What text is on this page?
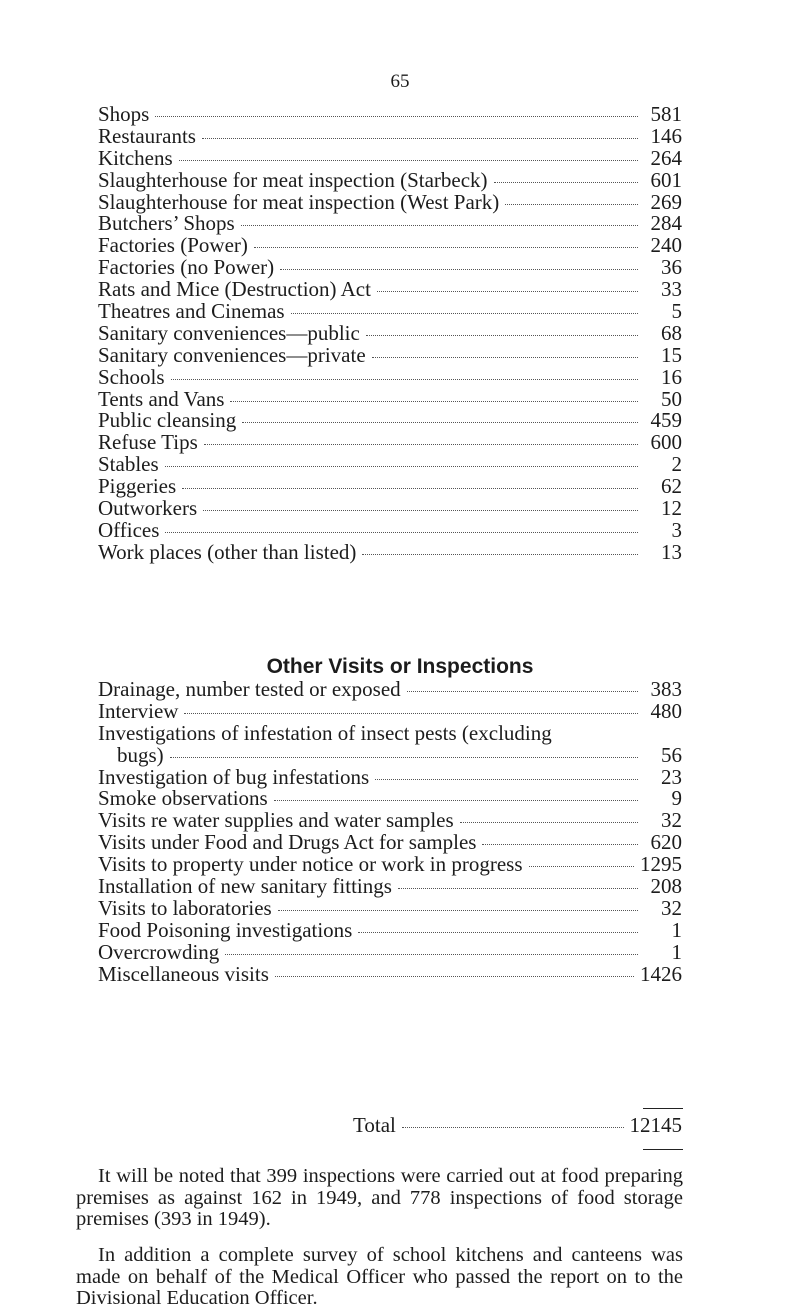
65
Shops	581
Restaurants	146
Kitchens	264
Slaughterhouse for meat inspection (Starbeck)	601
Slaughterhouse for meat inspection (West Park)	269
Butchers’ Shops	284
Factories (Power)	240
Factories (no Power)	36
Rats and Mice (Destruction) Act	33
Theatres and Cinemas	5
Sanitary conveniences—public	68
Sanitary conveniences—private	15
Schools	16
Tents and Vans	50
Public cleansing	459
Refuse Tips	600
Stables	2
Piggeries	62
Outworkers	12
Offices	3
Work places (other than listed)	13
Other Visits or Inspections
Drainage, number tested or exposed	383
Interview	480
Investigations of infestation of insect pests (excluding
bugs)	56
Investigation of bug infestations	23
Smoke observations	9
Visits re water supplies and water samples	32
Visits under Food and Drugs Act for samples	620
Visits to property under notice or work in progress	1295
Installation of new sanitary fittings	208
Visits to laboratories	32
Food Poisoning investigations	1
Overcrowding	1
Miscellaneous visits	1426
Total	12145

It will be noted that 399 inspections were carried out at food preparing premises as against 162 in 1949, and 778 inspections of food storage premises (393 in 1949).

In addition a complete survey of school kitchens and canteens was made on behalf of the Medical Officer who passed the report on to the Divisional Education Officer.
